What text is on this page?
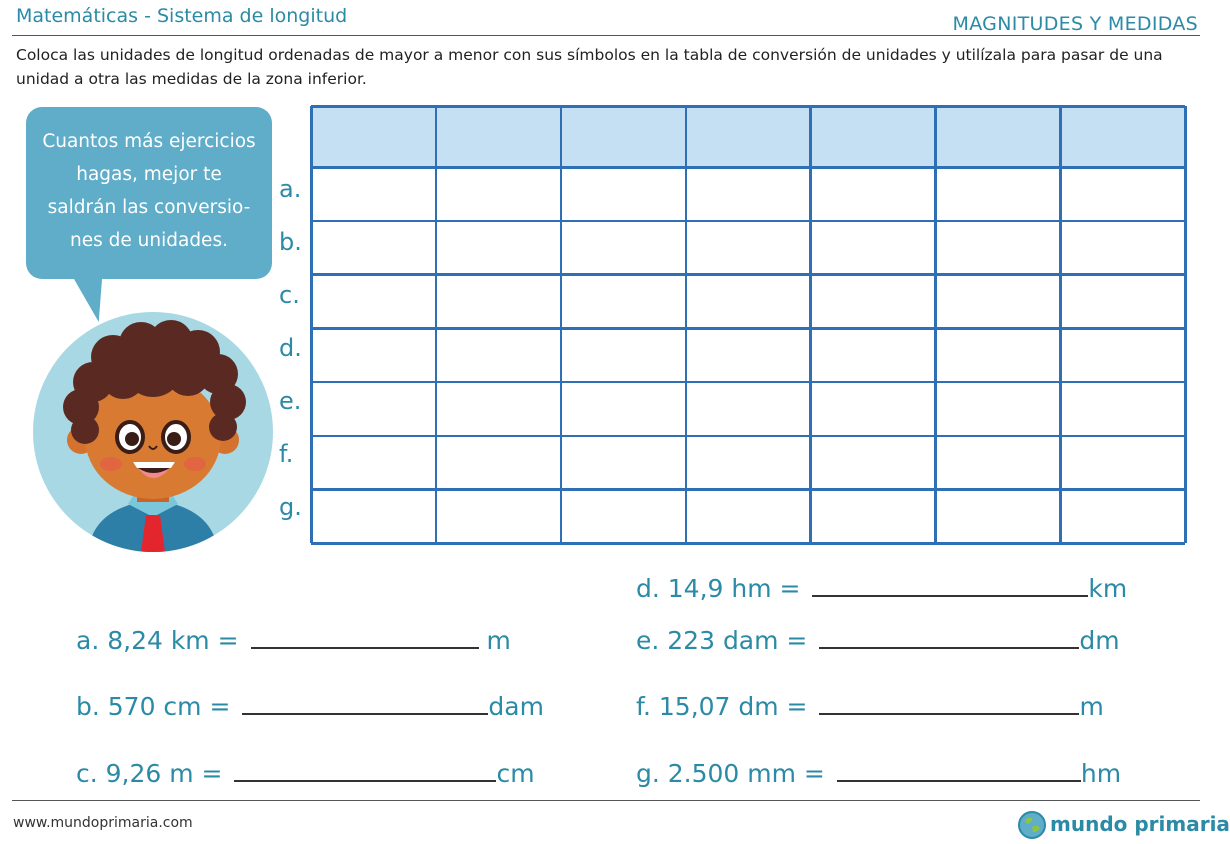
Matemáticas - Sistema de longitud	MAGNITUDES Y MEDIDAS
Coloca las unidades de longitud ordenadas de mayor a menor con sus símbolos en la tabla de conversión de unidades y utilízala para pasar de una unidad a otra las medidas de la zona inferior.
Cuantos más ejercicios
hagas, mejor te
saldrán las conversio-
nes de unidades.
a.
b.
c.
d.
e.
f.
g.
d. 14,9 hm =	km
a. 8,24 km =	m	e. 223 dam =	dm
b. 570 cm =	dam	f. 15,07 dm =	m
c. 9,26 m =	cm	g. 2.500 mm =	hm
www.mundoprimaria.com	mundo primaria
